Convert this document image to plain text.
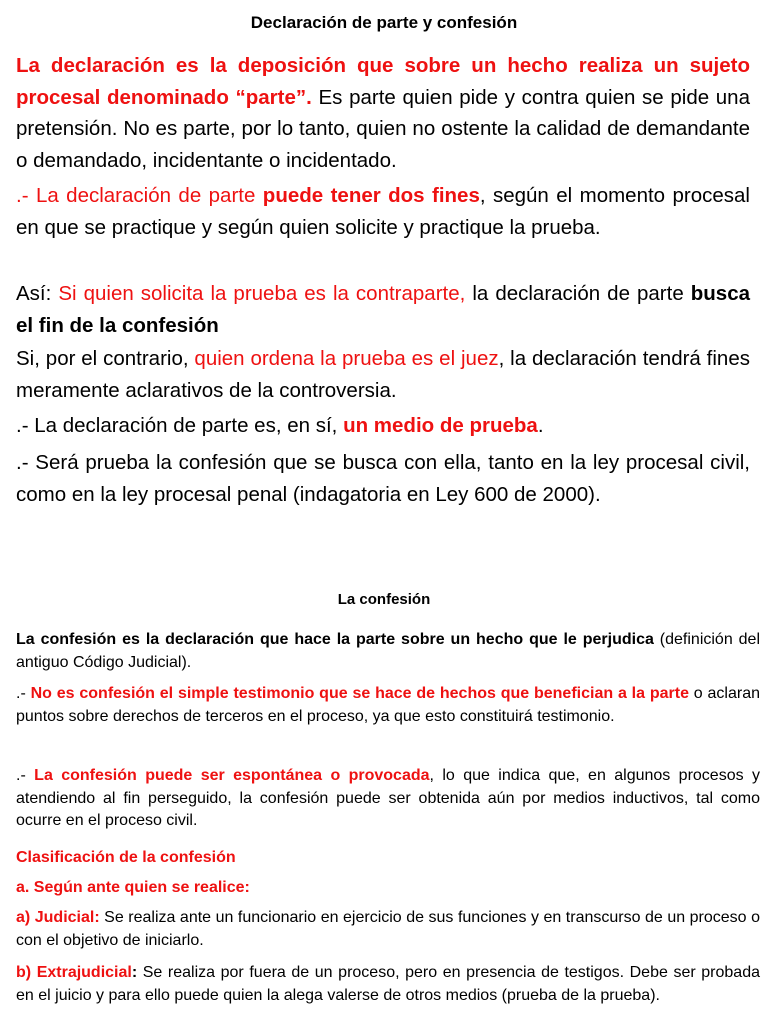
Declaración de parte y confesión

La declaración es la deposición que sobre un hecho realiza un sujeto procesal denominado “parte”. Es parte quien pide y contra quien se pide una pretensión. No es parte, por lo tanto, quien no ostente la calidad de demandante o demandado, incidentante o incidentado.

.- La declaración de parte puede tener dos fines, según el momento procesal en que se practique y según quien solicite y practique la prueba.

Así: Si quien solicita la prueba es la contraparte, la declaración de parte busca el fin de la confesión

Si, por el contrario, quien ordena la prueba es el juez, la declaración tendrá fines meramente aclarativos de la controversia.

.- La declaración de parte es, en sí, un medio de prueba.

.- Será prueba la confesión que se busca con ella, tanto en la ley procesal civil, como en la ley procesal penal (indagatoria en Ley 600 de 2000).

La confesión

La confesión es la declaración que hace la parte sobre un hecho que le perjudica (definición del antiguo Código Judicial).

.- No es confesión el simple testimonio que se hace de hechos que benefician a la parte o aclaran puntos sobre derechos de terceros en el proceso, ya que esto constituirá testimonio.

.- La confesión puede ser espontánea o provocada, lo que indica que, en algunos procesos y atendiendo al fin perseguido, la confesión puede ser obtenida aún por medios inductivos, tal como ocurre en el proceso civil.

Clasificación de la confesión

a. Según ante quien se realice:

a) Judicial: Se realiza ante un funcionario en ejercicio de sus funciones y en transcurso de un proceso o con el objetivo de iniciarlo.

b) Extrajudicial: Se realiza por fuera de un proceso, pero en presencia de testigos. Debe ser probada en el juicio y para ello puede quien la alega valerse de otros medios (prueba de la prueba).
